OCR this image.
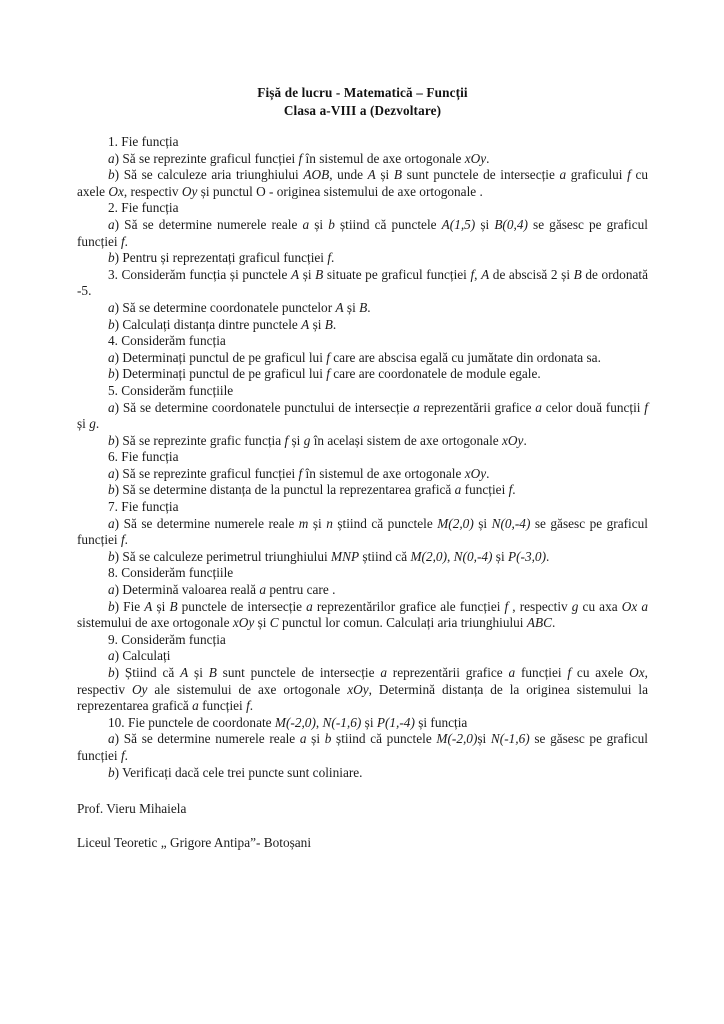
Fișă de lucru - Matematică – Funcții
Clasa a-VIII a (Dezvoltare)

1. Fie funcția

a) Să se reprezinte graficul funcției f în sistemul de axe ortogonale xOy.

b) Să se calculeze aria triunghiului AOB, unde A și B sunt punctele de intersecție a graficului f cu axele Ox, respectiv Oy și punctul O - originea sistemului de axe ortogonale .

2. Fie funcția

a) Să se determine numerele reale a și b știind că punctele A(1,5) și B(0,4) se găsesc pe graficul funcției f.

b) Pentru și reprezentați graficul funcției f.

3. Considerăm funcția și punctele A și B situate pe graficul funcției f, A de abscisă 2 și B de ordonată -5.

a) Să se determine coordonatele punctelor A și B.

b) Calculați distanța dintre punctele A și B.

4. Considerăm funcția

a) Determinați punctul de pe graficul lui f care are abscisa egală cu jumătate din ordonata sa.

b) Determinați punctul de pe graficul lui f care are coordonatele de module egale.

5. Considerăm funcțiile

a) Să se determine coordonatele punctului de intersecție a reprezentării grafice a celor două funcții f și g.

b) Să se reprezinte grafic funcția f și g în același sistem de axe ortogonale xOy.

6. Fie funcția

a) Să se reprezinte graficul funcției f în sistemul de axe ortogonale xOy.

b) Să se determine distanța de la punctul la reprezentarea grafică a funcției f.

7. Fie funcția

a) Să se determine numerele reale m și n știind că punctele M(2,0) și N(0,-4) se găsesc pe graficul funcției f.

b) Să se calculeze perimetrul triunghiului MNP știind că M(2,0), N(0,-4) și P(-3,0).

8. Considerăm funcțiile

a) Determină valoarea reală a pentru care .

b) Fie A și B punctele de intersecție a reprezentărilor grafice ale funcției f , respectiv g cu axa Ox a sistemului de axe ortogonale xOy și C punctul lor comun. Calculați aria triunghiului ABC.

9. Considerăm funcția

a) Calculați

b) Știind că A și B sunt punctele de intersecție a reprezentării grafice a funcției f cu axele Ox, respectiv Oy ale sistemului de axe ortogonale xOy, Determină distanța de la originea sistemului la reprezentarea grafică a funcției f.

10. Fie punctele de coordonate M(-2,0), N(-1,6) și P(1,-4) și funcția

a) Să se determine numerele reale a și b știind că punctele M(-2,0)și N(-1,6) se găsesc pe graficul funcției f.

b) Verificați dacă cele trei puncte sunt coliniare.

Prof. Vieru Mihaiela

Liceul Teoretic „ Grigore Antipa”- Botoșani
